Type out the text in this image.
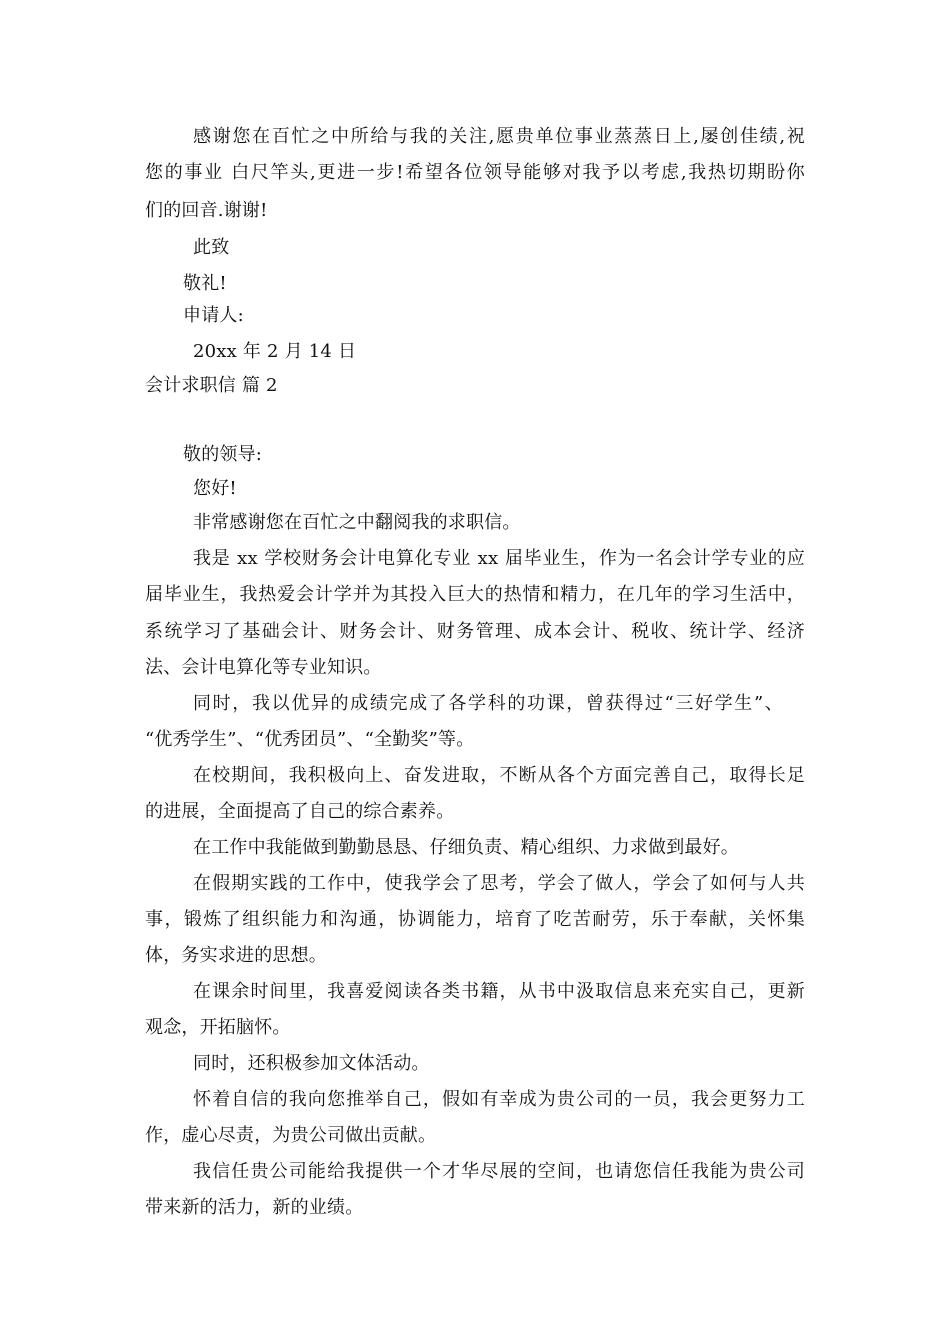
感谢您在百忙之中所给与我的关注,愿贵单位事业蒸蒸日上,屡创佳绩,祝
您的事业 白尺竿头,更进一步!希望各位领导能够对我予以考虑,我热切期盼你
们的回音.谢谢!
此致
敬礼!
申请人:
20xx 年 2 月 14 日
会计求职信 篇 2
敬的领导:
您好!
非常感谢您在百忙之中翻阅我的求职信。
我是 xx 学校财务会计电算化专业 xx 届毕业生，作为一名会计学专业的应
届毕业生，我热爱会计学并为其投入巨大的热情和精力，在几年的学习生活中，
系统学习了基础会计、财务会计、财务管理、成本会计、税收、统计学、经济
法、会计电算化等专业知识。
同时，我以优异的成绩完成了各学科的功课，曾获得过“三好学生”、
“优秀学生”、“优秀团员”、“全勤奖”等。
在校期间，我积极向上、奋发进取，不断从各个方面完善自己，取得长足
的进展，全面提高了自己的综合素养。
在工作中我能做到勤勤恳恳、仔细负责、精心组织、力求做到最好。
在假期实践的工作中，使我学会了思考，学会了做人，学会了如何与人共
事，锻炼了组织能力和沟通，协调能力，培育了吃苦耐劳，乐于奉献，关怀集
体，务实求进的思想。
在课余时间里，我喜爱阅读各类书籍，从书中汲取信息来充实自己，更新
观念，开拓脑怀。
同时，还积极参加文体活动。
怀着自信的我向您推举自己，假如有幸成为贵公司的一员，我会更努力工
作，虚心尽责，为贵公司做出贡献。
我信任贵公司能给我提供一个才华尽展的空间，也请您信任我能为贵公司
带来新的活力，新的业绩。
